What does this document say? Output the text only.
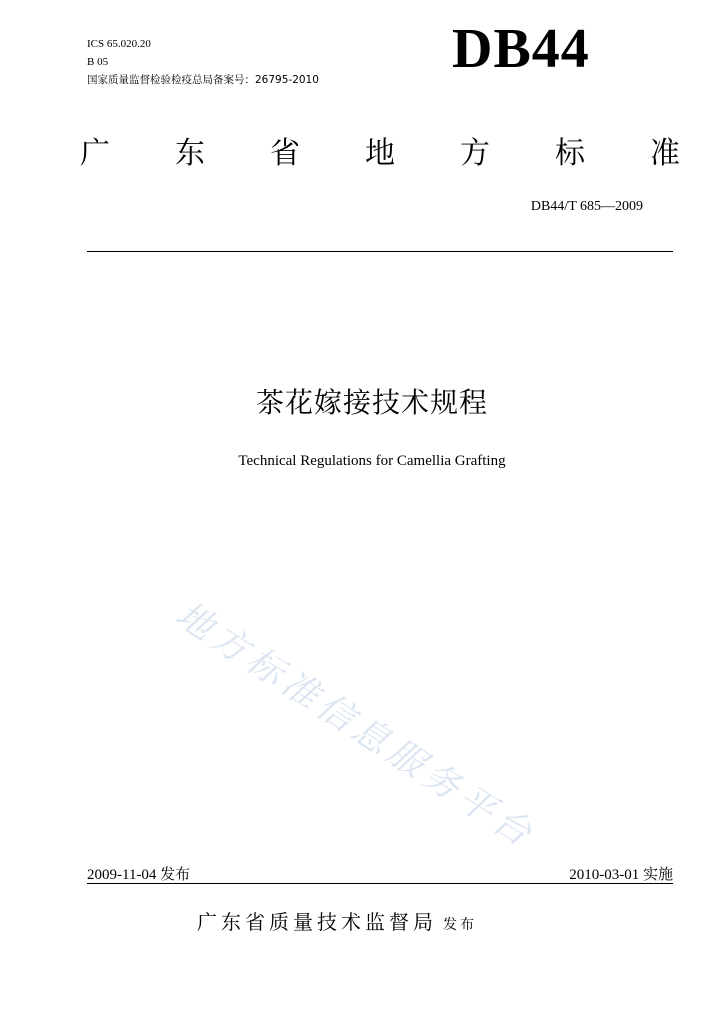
ICS 65.020.20
B 05
国家质量监督检验检疫总局备案号：26795-2010 DB44
广 东 省 地 方 标 准
DB44/T 685—2009
茶花嫁接技术规程
Technical Regulations for Camellia Grafting
地方标准信息服务平台
2009-11-04 发布	2010-03-01 实施
广东省质量技术监督局 发布
